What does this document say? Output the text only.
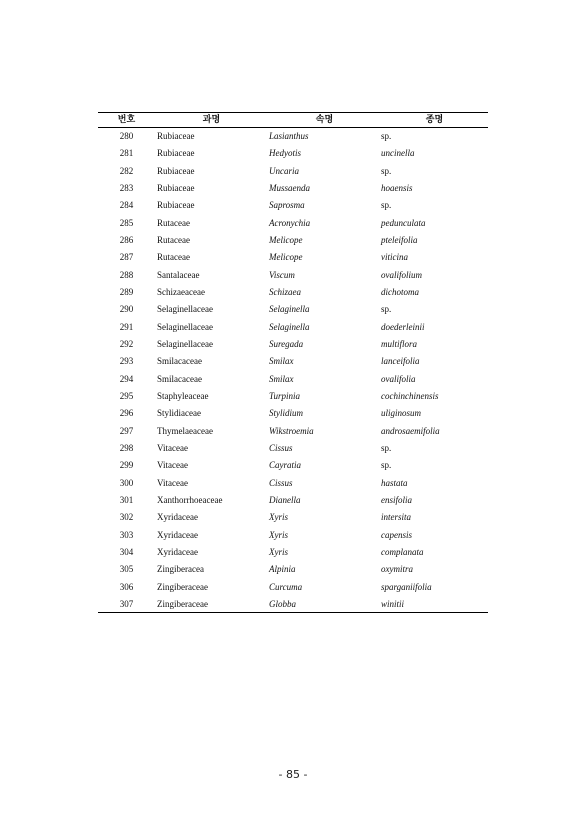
번호	과명	속명	종명
280	Rubiaceae	Lasianthus	sp.
281	Rubiaceae	Hedyotis	uncinella
282	Rubiaceae	Uncaria	sp.
283	Rubiaceae	Mussaenda	hoaensis
284	Rubiaceae	Saprosma	sp.
285	Rutaceae	Acronychia	pedunculata
286	Rutaceae	Melicope	pteleifolia
287	Rutaceae	Melicope	viticina
288	Santalaceae	Viscum	ovalifolium
289	Schizaeaceae	Schizaea	dichotoma
290	Selaginellaceae	Selaginella	sp.
291	Selaginellaceae	Selaginella	doederleinii
292	Selaginellaceae	Suregada	multiflora
293	Smilacaceae	Smilax	lanceifolia
294	Smilacaceae	Smilax	ovalifolia
295	Staphyleaceae	Turpinia	cochinchinensis
296	Stylidiaceae	Stylidium	uliginosum
297	Thymelaeaceae	Wikstroemia	androsaemifolia
298	Vitaceae	Cissus	sp.
299	Vitaceae	Cayratia	sp.
300	Vitaceae	Cissus	hastata
301	Xanthorrhoeaceae	Dianella	ensifolia
302	Xyridaceae	Xyris	intersita
303	Xyridaceae	Xyris	capensis
304	Xyridaceae	Xyris	complanata
305	Zingiberacea	Alpinia	oxymitra
306	Zingiberaceae	Curcuma	sparganiifolia
307	Zingiberaceae	Globba	winitii
- 85 -
